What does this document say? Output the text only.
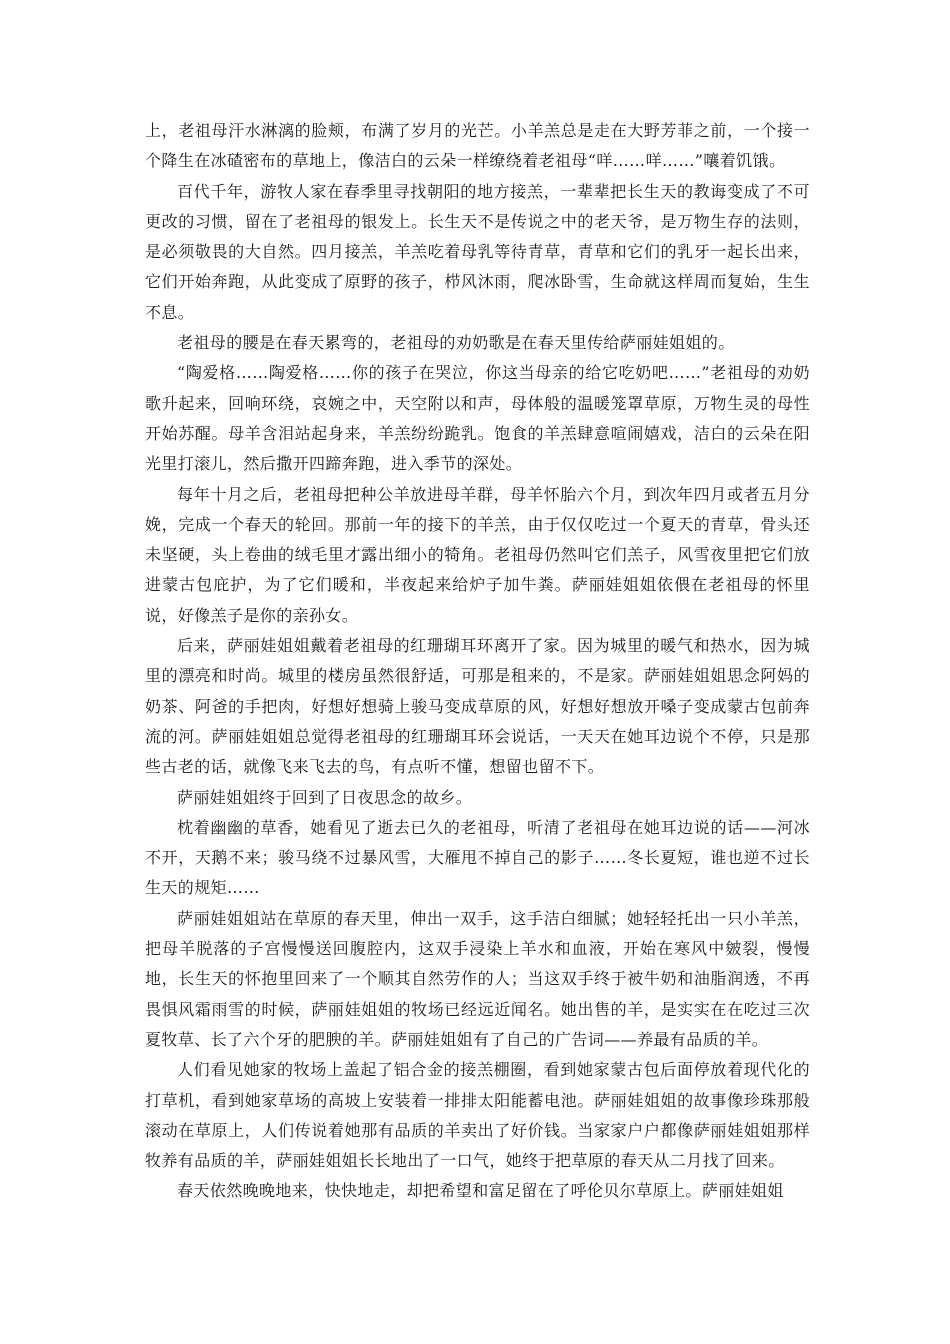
上，老祖母汗水淋漓的脸颊，布满了岁月的光芒。小羊羔总是走在大野芳菲之前，一个接一个降生在冰碴密布的草地上，像洁白的云朵一样缭绕着老祖母“咩……咩……”嚷着饥饿。

百代千年，游牧人家在春季里寻找朝阳的地方接羔，一辈辈把长生天的教诲变成了不可更改的习惯，留在了老祖母的银发上。长生天不是传说之中的老天爷，是万物生存的法则，是必须敬畏的大自然。四月接羔，羊羔吃着母乳等待青草，青草和它们的乳牙一起长出来，它们开始奔跑，从此变成了原野的孩子，栉风沐雨，爬冰卧雪，生命就这样周而复始，生生不息。

老祖母的腰是在春天累弯的，老祖母的劝奶歌是在春天里传给萨丽娃姐姐的。

“陶爱格……陶爱格……你的孩子在哭泣，你这当母亲的给它吃奶吧……”老祖母的劝奶歌升起来，回响环绕，哀婉之中，天空附以和声，母体般的温暖笼罩草原，万物生灵的母性开始苏醒。母羊含泪站起身来，羊羔纷纷跪乳。饱食的羊羔肆意喧闹嬉戏，洁白的云朵在阳光里打滚儿，然后撒开四蹄奔跑，进入季节的深处。

每年十月之后，老祖母把种公羊放进母羊群，母羊怀胎六个月，到次年四月或者五月分娩，完成一个春天的轮回。那前一年的接下的羊羔，由于仅仅吃过一个夏天的青草，骨头还未坚硬，头上卷曲的绒毛里才露出细小的犄角。老祖母仍然叫它们羔子，风雪夜里把它们放进蒙古包庇护，为了它们暖和，半夜起来给炉子加牛粪。萨丽娃姐姐依偎在老祖母的怀里说，好像羔子是你的亲孙女。

后来，萨丽娃姐姐戴着老祖母的红珊瑚耳环离开了家。因为城里的暖气和热水，因为城里的漂亮和时尚。城里的楼房虽然很舒适，可那是租来的，不是家。萨丽娃姐姐思念阿妈的奶茶、阿爸的手把肉，好想好想骑上骏马变成草原的风，好想好想放开嗓子变成蒙古包前奔流的河。萨丽娃姐姐总觉得老祖母的红珊瑚耳环会说话，一天天在她耳边说个不停，只是那些古老的话，就像飞来飞去的鸟，有点听不懂，想留也留不下。

萨丽娃姐姐终于回到了日夜思念的故乡。

枕着幽幽的草香，她看见了逝去已久的老祖母，听清了老祖母在她耳边说的话——河冰不开，天鹅不来；骏马绕不过暴风雪，大雁甩不掉自己的影子……冬长夏短，谁也逆不过长生天的规矩……

萨丽娃姐姐站在草原的春天里，伸出一双手，这手洁白细腻；她轻轻托出一只小羊羔，把母羊脱落的子宫慢慢送回腹腔内，这双手浸染上羊水和血液，开始在寒风中皴裂，慢慢地，长生天的怀抱里回来了一个顺其自然劳作的人；当这双手终于被牛奶和油脂润透，不再畏惧风霜雨雪的时候，萨丽娃姐姐的牧场已经远近闻名。她出售的羊，是实实在在吃过三次夏牧草、长了六个牙的肥腴的羊。萨丽娃姐姐有了自己的广告词——养最有品质的羊。

人们看见她家的牧场上盖起了铝合金的接羔棚圈，看到她家蒙古包后面停放着现代化的打草机，看到她家草场的高坡上安装着一排排太阳能蓄电池。萨丽娃姐姐的故事像珍珠那般滚动在草原上，人们传说着她那有品质的羊卖出了好价钱。当家家户户都像萨丽娃姐姐那样牧养有品质的羊，萨丽娃姐姐长长地出了一口气，她终于把草原的春天从二月找了回来。

春天依然晚晚地来，快快地走，却把希望和富足留在了呼伦贝尔草原上。萨丽娃姐姐
